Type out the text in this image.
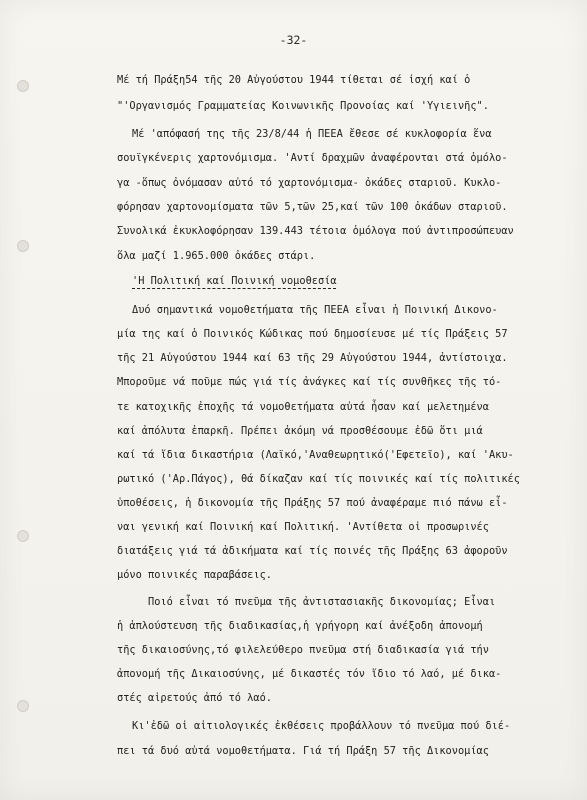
-32-
Μέ τή Πράξη54 τῆς 20 Αὐγούστου 1944 τίθεται σέ ἰσχή καί ὁ
"'Οργανισμός Γραμματείας Κοινωνικῆς Προνοίας καί 'Υγιεινῆς".
Μέ 'απόφασή της τῆς 23/8/44 ἡ ΠΕΕΑ ἔθεσε σέ κυκλοφορία ἕνα
σουϊγκένερις χαρτονόμισμα. 'Αντί δραχμῶν ἀναφέρονται στά ὁμόλο-
γα -ὅπως ὀνόμασαν αὐτό τό χαρτονόμισμα- ὀκάδες σταριοῦ. Κυκλο-
φόρησαν χαρτονομίσματα τῶν 5,τῶν 25,καί τῶν 100 ὀκάδων σταριοῦ.
Συνολικά ἐκυκλοφόρησαν 139.443 τέτοια ὁμόλογα πού ἀντιπροσώπευαν
ὅλα μαζί 1.965.000 ὀκάδες στάρι.
'Η Πολιτική καί Ποινική νομοθεσία
Δυό σημαντικά νομοθετήματα τῆς ΠΕΕΑ εἶναι ἡ Ποινική Δικονο-
μία της καί ὁ Ποινικός Κώδικας πού δημοσίευσε μέ τίς Πράξεις 57
τῆς 21 Αὐγούστου 1944 καί 63 τῆς 29 Αὐγούστου 1944, ἀντίστοιχα.
Μποροῦμε νά ποῦμε πώς γιά τίς ἀνάγκες καί τίς συνθῆκες τῆς τό-
τε κατοχικῆς ἐποχῆς τά νομοθετήματα αὐτά ἦσαν καί μελετημένα
καί ἀπόλυτα ἐπαρκῆ. Πρέπει ἀκόμη νά προσθέσουμε ἐδῶ ὅτι μιά
καί τά ἴδια δικαστήρια (Λαϊκό,'Αναθεωρητικό('Εφετεῖο), καί 'Ακυ-
ρωτικό ('Αρ.Πάγος), θά δίκαζαν καί τίς ποινικές καί τίς πολιτικές
ὑποθέσεις, ἡ δικονομία τῆς Πράξης 57 πού ἀναφέραμε πιό πάνω εἶ-
ναι γενική καί Ποινική καί Πολιτική. 'Αντίθετα οἱ προσωρινές
διατάξεις γιά τά ἀδικήματα καί τίς ποινές τῆς Πράξης 63 ἀφοροῦν
μόνο ποινικές παραβάσεις.
Ποιό εἶναι τό πνεῦμα τῆς ἀντιστασιακῆς δικονομίας; Εἶναι
ἡ ἁπλούστευση τῆς διαδικασίας,ἡ γρήγορη καί ἀνέξοδη ἀπονομή
τῆς δικαιοσύνης,τό φιλελεύθερο πνεῦμα στή διαδικασία γιά τήν
ἀπονομή τῆς Δικαιοσύνης, μέ δικαστές τόν ἴδιο τό λαό, μέ δικα-
στές αἱρετούς ἀπό τό λαό.
Κι'ἐδῶ οἱ αἰτιολογικές ἐκθέσεις προβάλλουν τό πνεῦμα πού διέ-
πει τά δυό αὐτά νομοθετήματα. Γιά τή Πράξη 57 τῆς Δικονομίας
